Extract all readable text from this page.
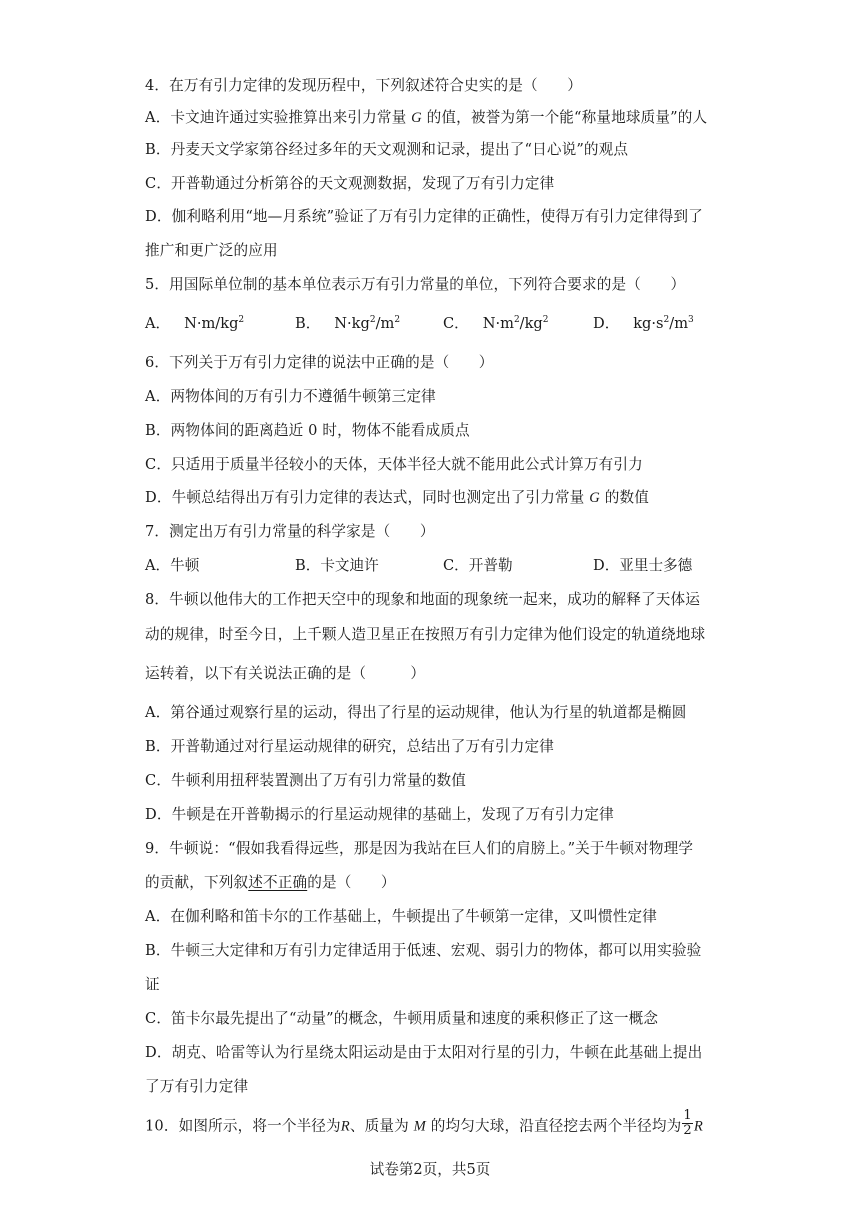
4．在万有引力定律的发现历程中，下列叙述符合史实的是（　　）
A．卡文迪许通过实验推算出来引力常量 G 的值，被誉为第一个能“称量地球质量”的人
B．丹麦天文学家第谷经过多年的天文观测和记录，提出了“日心说”的观点
C．开普勒通过分析第谷的天文观测数据，发现了万有引力定律
D．伽利略利用“地—月系统”验证了万有引力定律的正确性，使得万有引力定律得到了
推广和更广泛的应用
5．用国际单位制的基本单位表示万有引力常量的单位，下列符合要求的是（　　）
A． $N\cdot m/kg^2$	B． $N\cdot kg^2/m^2$	C． $N\cdot m^2/kg^2$	D． $kg\cdot s^2/m^3$
6．下列关于万有引力定律的说法中正确的是（　　）
A．两物体间的万有引力不遵循牛顿第三定律
B．两物体间的距离趋近 0 时，物体不能看成质点
C．只适用于质量半径较小的天体，天体半径大就不能用此公式计算万有引力
D．牛顿总结得出万有引力定律的表达式，同时也测定出了引力常量 G 的数值
7．测定出万有引力常量的科学家是（　　）
A．牛顿	B．卡文迪许	C．开普勒	D．亚里士多德
8．牛顿以他伟大的工作把天空中的现象和地面的现象统一起来，成功的解释了天体运
动的规律，时至今日，上千颗人造卫星正在按照万有引力定律为他们设定的轨道绕地球
运转着，以下有关说法正确的是（　　　）
A．第谷通过观察行星的运动，得出了行星的运动规律，他认为行星的轨道都是椭圆
B．开普勒通过对行星运动规律的研究，总结出了万有引力定律
C．牛顿利用扭秤装置测出了万有引力常量的数值
D．牛顿是在开普勒揭示的行星运动规律的基础上，发现了万有引力定律
9．牛顿说：“假如我看得远些，那是因为我站在巨人们的肩膀上。”关于牛顿对物理学
的贡献，下列叙述不正确的是（　　）
A．在伽利略和笛卡尔的工作基础上，牛顿提出了牛顿第一定律，又叫惯性定律
B．牛顿三大定律和万有引力定律适用于低速、宏观、弱引力的物体，都可以用实验验
证
C．笛卡尔最先提出了“动量”的概念，牛顿用质量和速度的乘积修正了这一概念
D．胡克、哈雷等认为行星绕太阳运动是由于太阳对行星的引力，牛顿在此基础上提出
了万有引力定律
10．如图所示，将一个半径为R、质量为 M 的均匀大球，沿直径挖去两个半径均为 $\frac{1}{2}$ R
试卷第2页，共5页
